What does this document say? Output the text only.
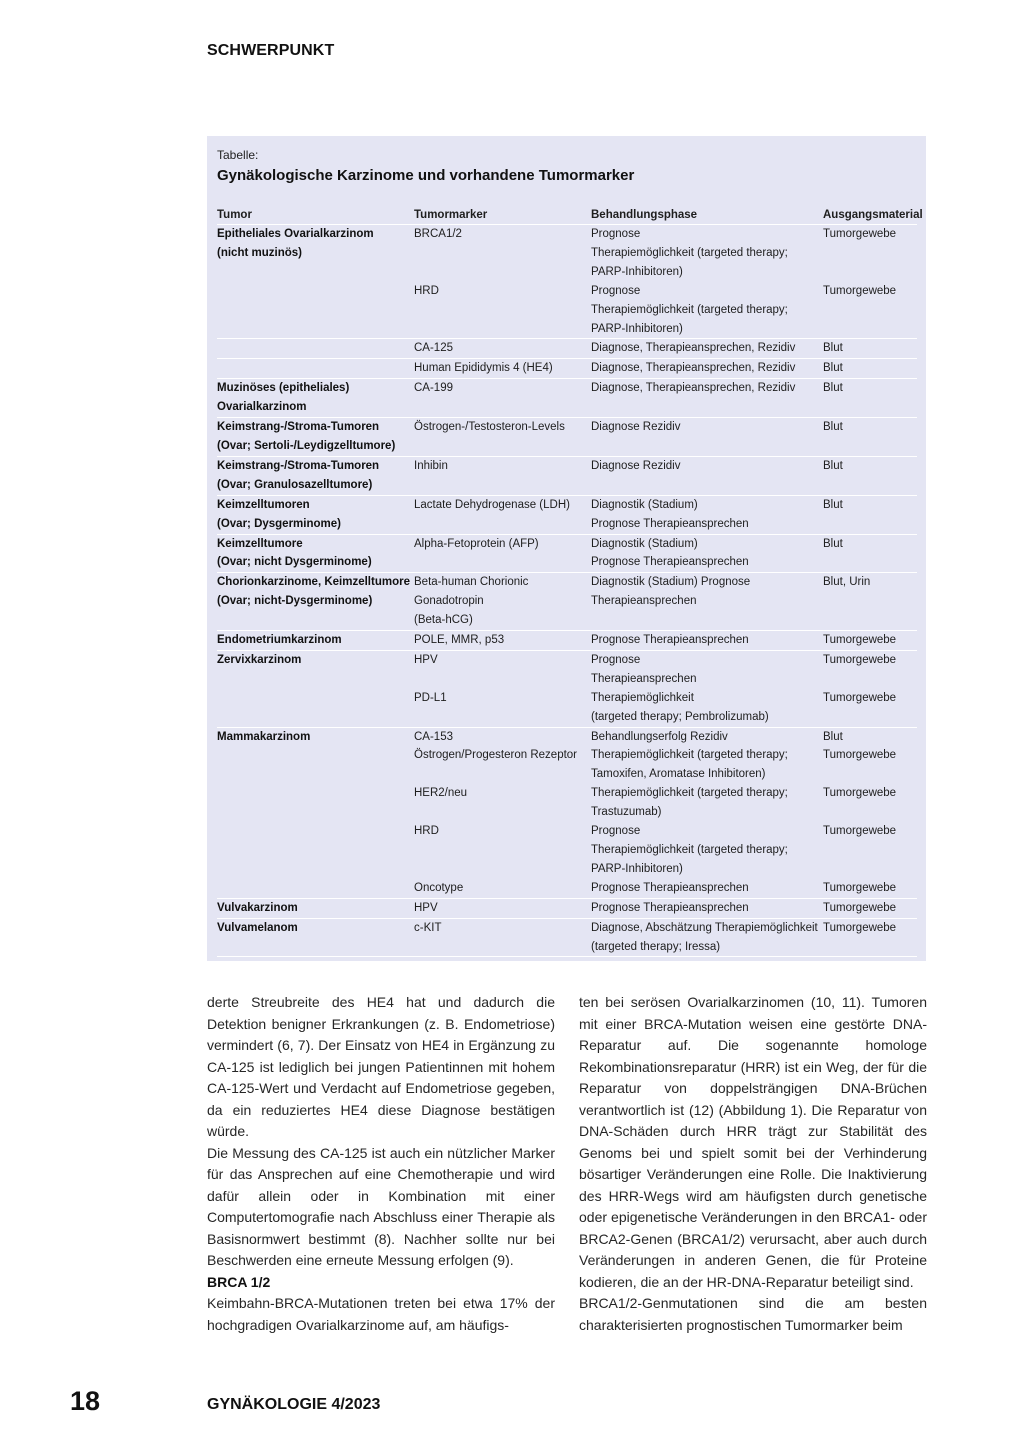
SCHWERPUNKT
Tabelle:
Gynäkologische Karzinome und vorhandene Tumormarker
Tumor	Tumormarker	Behandlungsphase	Ausgangsmaterial

Epitheliales Ovarialkarzinom
(nicht muzinös)	BRCA1/2	Prognose
Therapiemöglichkeit (targeted therapy;
PARP-Inhibitoren)	Tumorgewebe

	HRD	Prognose
Therapiemöglichkeit (targeted therapy;
PARP-Inhibitoren)	Tumorgewebe

	CA-125	Diagnose, Therapieansprechen, Rezidiv	Blut

	Human Epididymis 4 (HE4)	Diagnose, Therapieansprechen, Rezidiv	Blut

Muzinöses (epitheliales)
Ovarialkarzinom	CA-199	Diagnose, Therapieansprechen, Rezidiv	Blut

Keimstrang-/Stroma-Tumoren
(Ovar; Sertoli-/Leydigzelltumore)	Östrogen-/Testosteron-Levels	Diagnose Rezidiv	Blut

Keimstrang-/Stroma-Tumoren
(Ovar; Granulosazelltumore)	Inhibin	Diagnose Rezidiv	Blut

Keimzelltumoren
(Ovar; Dysgerminome)	Lactate Dehydrogenase (LDH)	Diagnostik (Stadium)
Prognose Therapieansprechen	Blut

Keimzelltumore
(Ovar; nicht Dysgerminome)	Alpha-Fetoprotein (AFP)	Diagnostik (Stadium)
Prognose Therapieansprechen	Blut

Chorionkarzinome, Keimzelltumore
(Ovar; nicht-Dysgerminome)	Beta-human Chorionic
Gonadotropin
(Beta-hCG)	Diagnostik (Stadium) Prognose
Therapieansprechen	Blut, Urin

Endometriumkarzinom	POLE, MMR, p53	Prognose Therapieansprechen	Tumorgewebe

Zervixkarzinom	HPV	Prognose
Therapieansprechen	Tumorgewebe

	PD-L1	Therapiemöglichkeit
(targeted therapy; Pembrolizumab)	Tumorgewebe

Mammakarzinom	CA-153	Behandlungserfolg Rezidiv	Blut

	Östrogen/Progesteron Rezeptor	Therapiemöglichkeit (targeted therapy;
Tamoxifen, Aromatase Inhibitoren)	Tumorgewebe

	HER2/neu	Therapiemöglichkeit (targeted therapy;
Trastuzumab)	Tumorgewebe

	HRD	Prognose
Therapiemöglichkeit (targeted therapy;
PARP-Inhibitoren)	Tumorgewebe

	Oncotype	Prognose Therapieansprechen	Tumorgewebe

Vulvakarzinom	HPV	Prognose Therapieansprechen	Tumorgewebe

Vulvamelanom	c-KIT	Diagnose, Abschätzung Therapiemöglichkeit
(targeted therapy; Iressa)	Tumorgewebe

derte Streubreite des HE4 hat und dadurch die Detektion benigner Erkrankungen (z. B. Endometriose) vermindert (6, 7). Der Einsatz von HE4 in Ergänzung zu CA-125 ist lediglich bei jungen Patientinnen mit hohem CA-125-Wert und Verdacht auf Endometriose gegeben, da ein reduziertes HE4 diese Diagnose bestätigen würde.

Die Messung des CA-125 ist auch ein nützlicher Marker für das Ansprechen auf eine Chemotherapie und wird dafür allein oder in Kombination mit einer Computertomografie nach Abschluss einer Therapie als Basisnormwert bestimmt (8). Nachher sollte nur bei Beschwerden eine erneute Messung erfolgen (9).

BRCA 1/2

Keimbahn-BRCA-Mutationen treten bei etwa 17% der hochgradigen Ovarialkarzinome auf, am häufigs-

ten bei serösen Ovarialkarzinomen (10, 11). Tumoren mit einer BRCA-Mutation weisen eine gestörte DNA-Reparatur auf. Die sogenannte homologe Rekombinationsreparatur (HRR) ist ein Weg, der für die Reparatur von doppelsträngigen DNA-Brüchen verantwortlich ist (12) (Abbildung 1). Die Reparatur von DNA-Schäden durch HRR trägt zur Stabilität des Genoms bei und spielt somit bei der Verhinderung bösartiger Veränderungen eine Rolle. Die Inaktivierung des HRR-Wegs wird am häufigsten durch genetische oder epigenetische Veränderungen in den BRCA1- oder BRCA2-Genen (BRCA1/2) verursacht, aber auch durch Veränderungen in anderen Genen, die für Proteine kodieren, die an der HR-DNA-Reparatur beteiligt sind.

BRCA1/2-Genmutationen sind die am besten charakterisierten prognostischen Tumormarker beim

18	GYNÄKOLOGIE 4/2023
